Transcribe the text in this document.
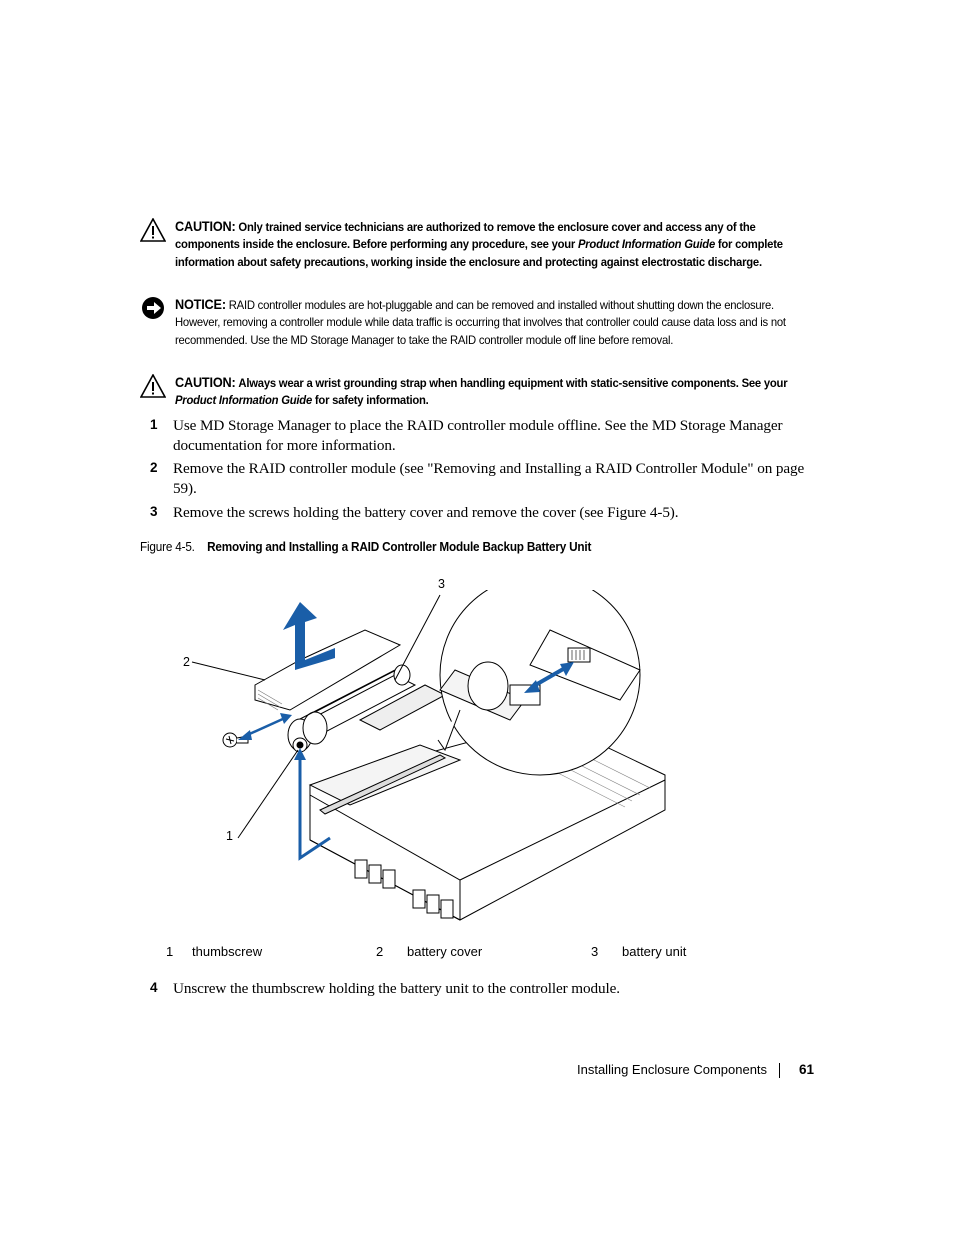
CAUTION: Only trained service technicians are authorized to remove the enclosure cover and access any of the components inside the enclosure. Before performing any procedure, see your Product Information Guide for complete information about safety precautions, working inside the enclosure and protecting against electrostatic discharge.
NOTICE: RAID controller modules are hot-pluggable and can be removed and installed without shutting down the enclosure. However, removing a controller module while data traffic is occurring that involves that controller could cause data loss and is not recommended. Use the MD Storage Manager to take the RAID controller module off line before removal.
CAUTION: Always wear a wrist grounding strap when handling equipment with static-sensitive components. See your Product Information Guide for safety information.
1 Use MD Storage Manager to place the RAID controller module offline. See the MD Storage Manager documentation for more information.
2 Remove the RAID controller module (see "Removing and Installing a RAID Controller Module" on page 59).
3 Remove the screws holding the battery cover and remove the cover (see Figure 4-5).
Figure 4-5. Removing and Installing a RAID Controller Module Backup Battery Unit
3
2
1
1 thumbscrew	2 battery cover	3 battery unit
4 Unscrew the thumbscrew holding the battery unit to the controller module.
Installing Enclosure Components 61
